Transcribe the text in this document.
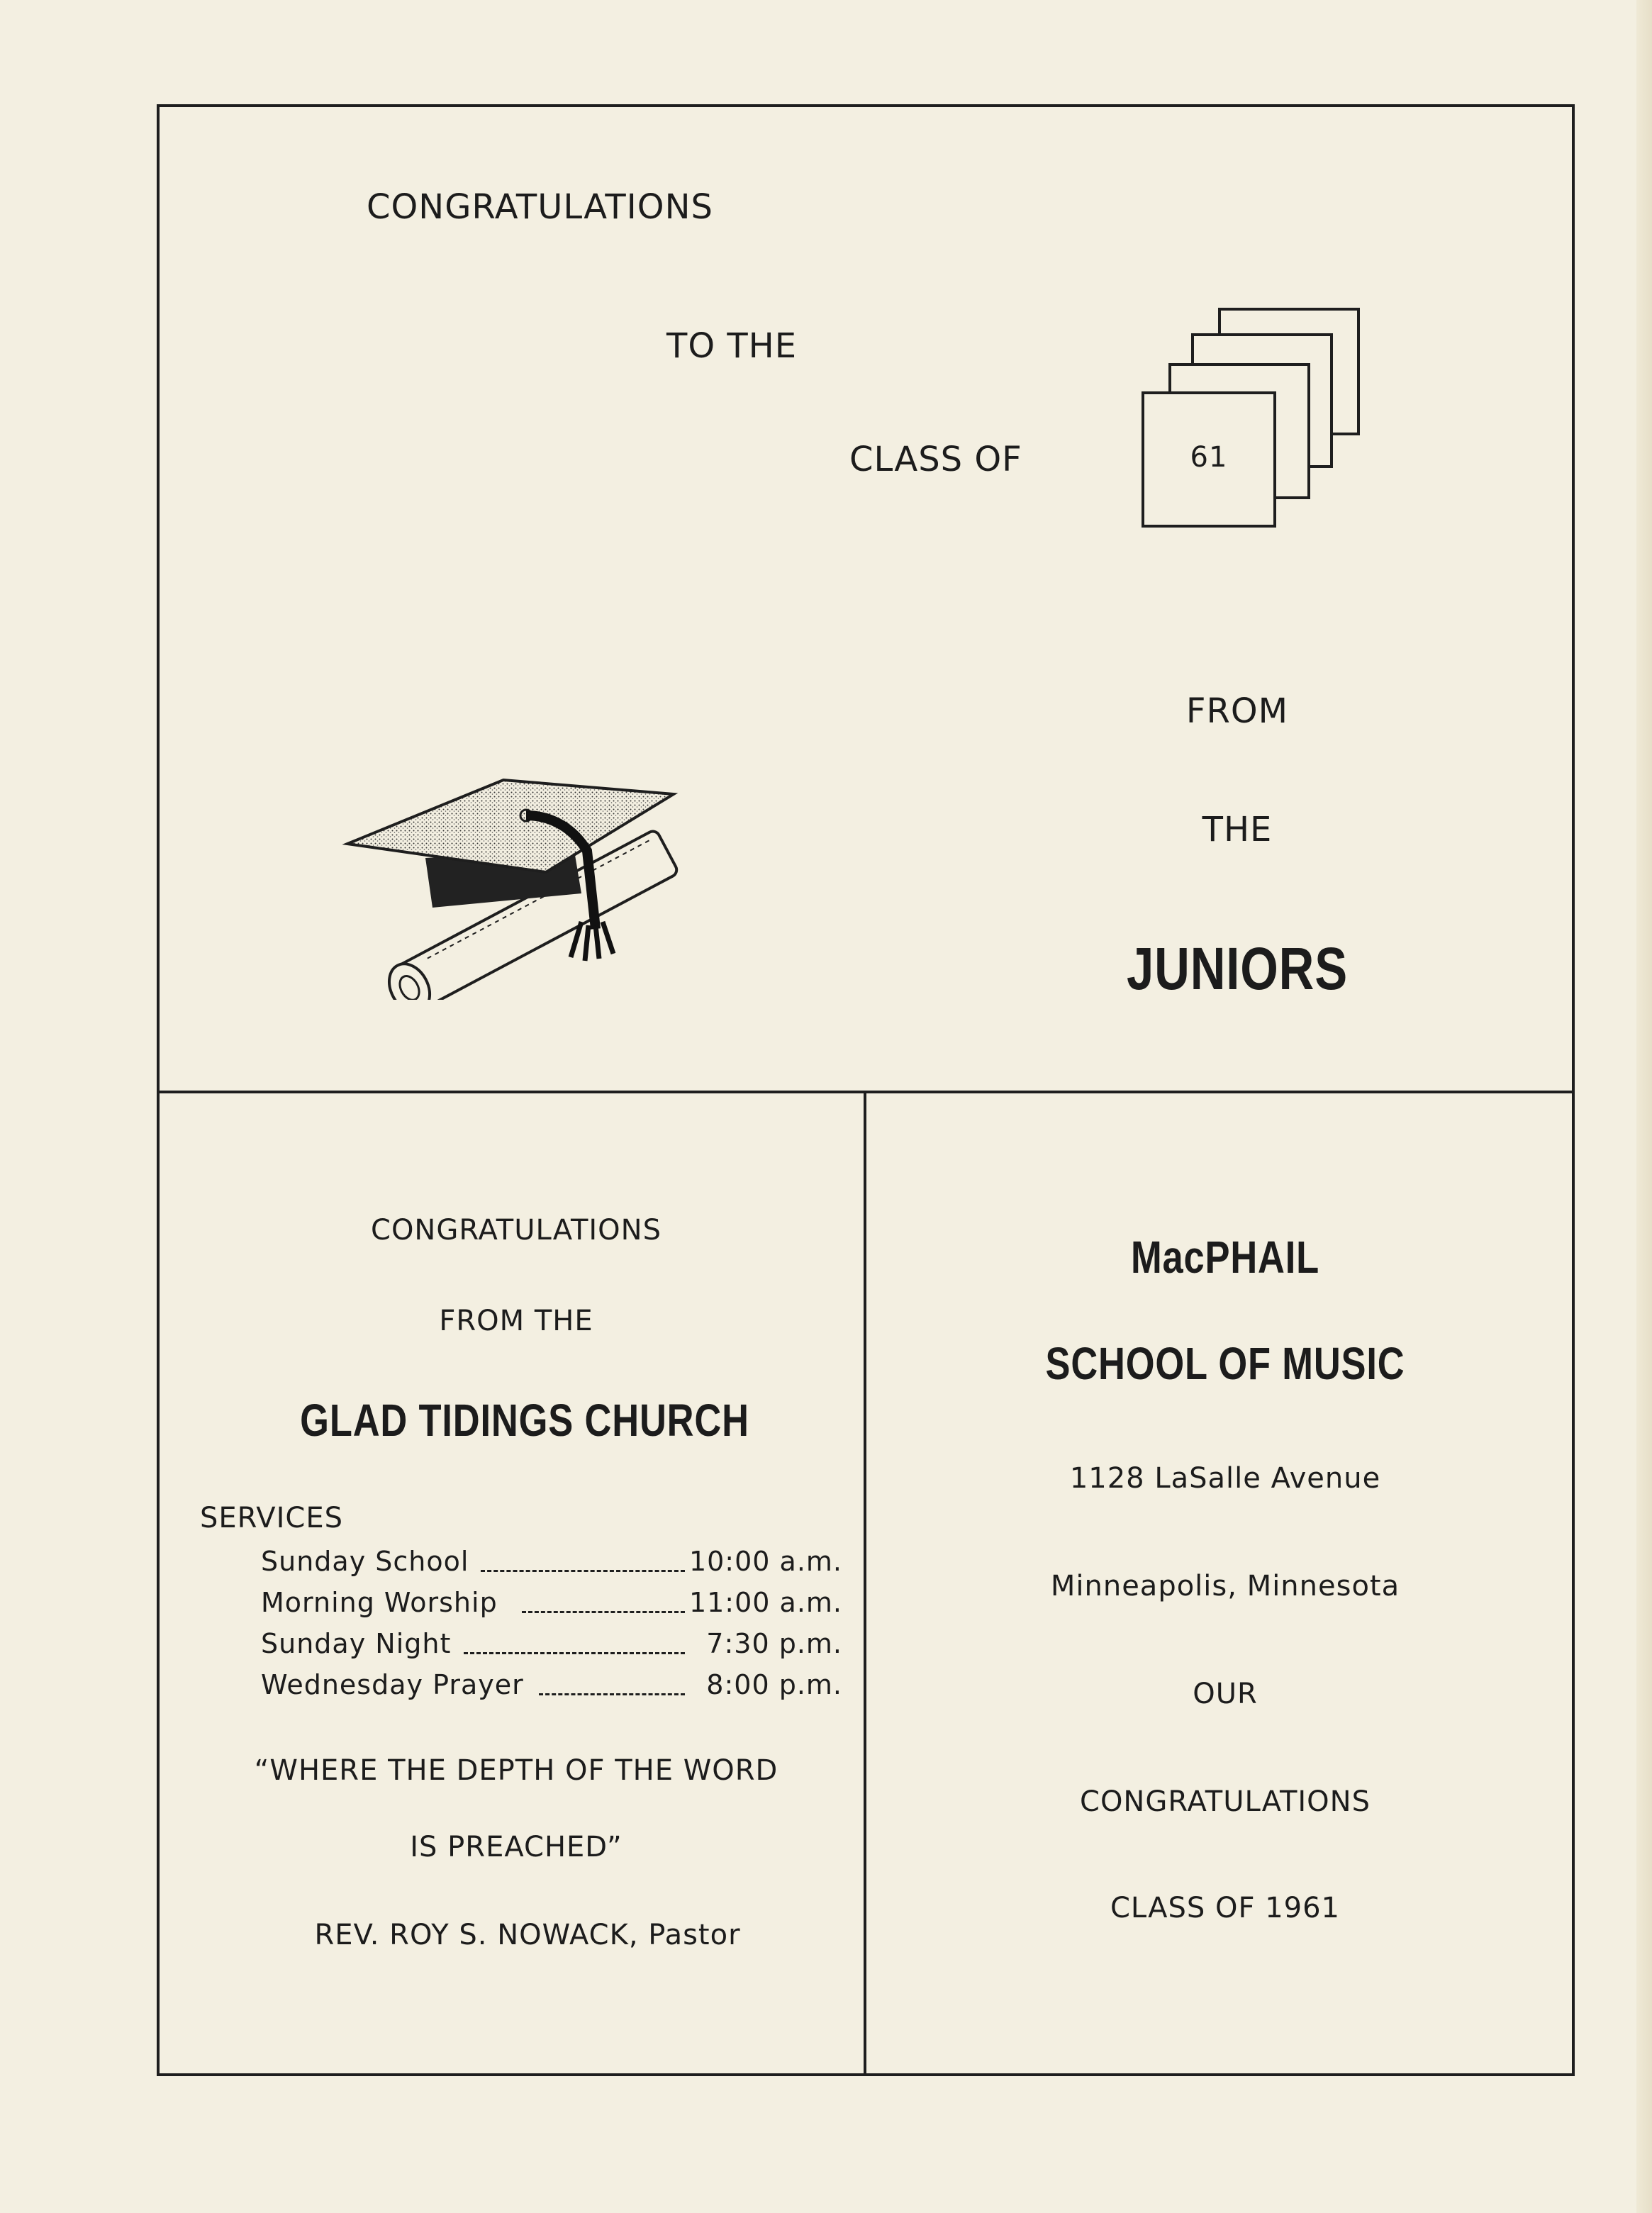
CONGRATULATIONS
TO THE
CLASS OF	61
FROM
THE
JUNIORS
CONGRATULATIONS
FROM THE
GLAD TIDINGS CHURCH
SERVICES
Sunday School	10:00 a.m.
Morning Worship	11:00 a.m.
Sunday Night	7:30 p.m.
Wednesday Prayer	8:00 p.m.
“WHERE THE DEPTH OF THE WORD
IS PREACHED”
REV. ROY S. NOWACK, Pastor
MacPHAIL
SCHOOL OF MUSIC
1128 LaSalle Avenue
Minneapolis, Minnesota
OUR
CONGRATULATIONS
CLASS OF 1961
